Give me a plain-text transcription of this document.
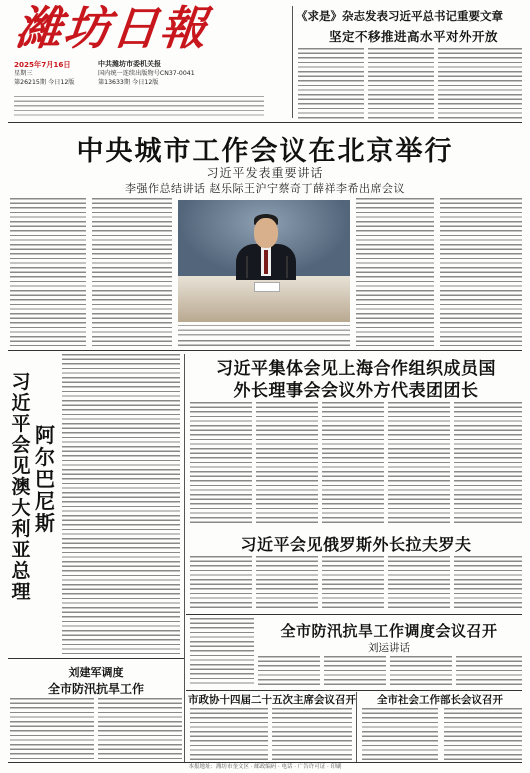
濰坊日報
2025年7月16日
星期三
第26215期 今日12版
中共潍坊市委机关报
国内统一连续出版物号CN37-0041
第13633期 今日12版
《求是》杂志发表习近平总书记重要文章
坚定不移推进高水平对外开放
中央城市工作会议在北京举行
习近平发表重要讲话
李强作总结讲话 赵乐际王沪宁蔡奇丁薛祥李希出席会议
习近平会见澳大利亚总理
阿尔巴尼斯
刘建军调度
全市防汛抗旱工作
习近平集体会见上海合作组织成员国
外长理事会会议外方代表团团长
习近平会见俄罗斯外长拉夫罗夫
全市防汛抗旱工作调度会议召开
刘运讲话
市政协十四届二十五次主席会议召开	全市社会工作部长会议召开
本报地址：潍坊市奎文区 · 邮政编码 · 电话 · 广告许可证 · 印刷
